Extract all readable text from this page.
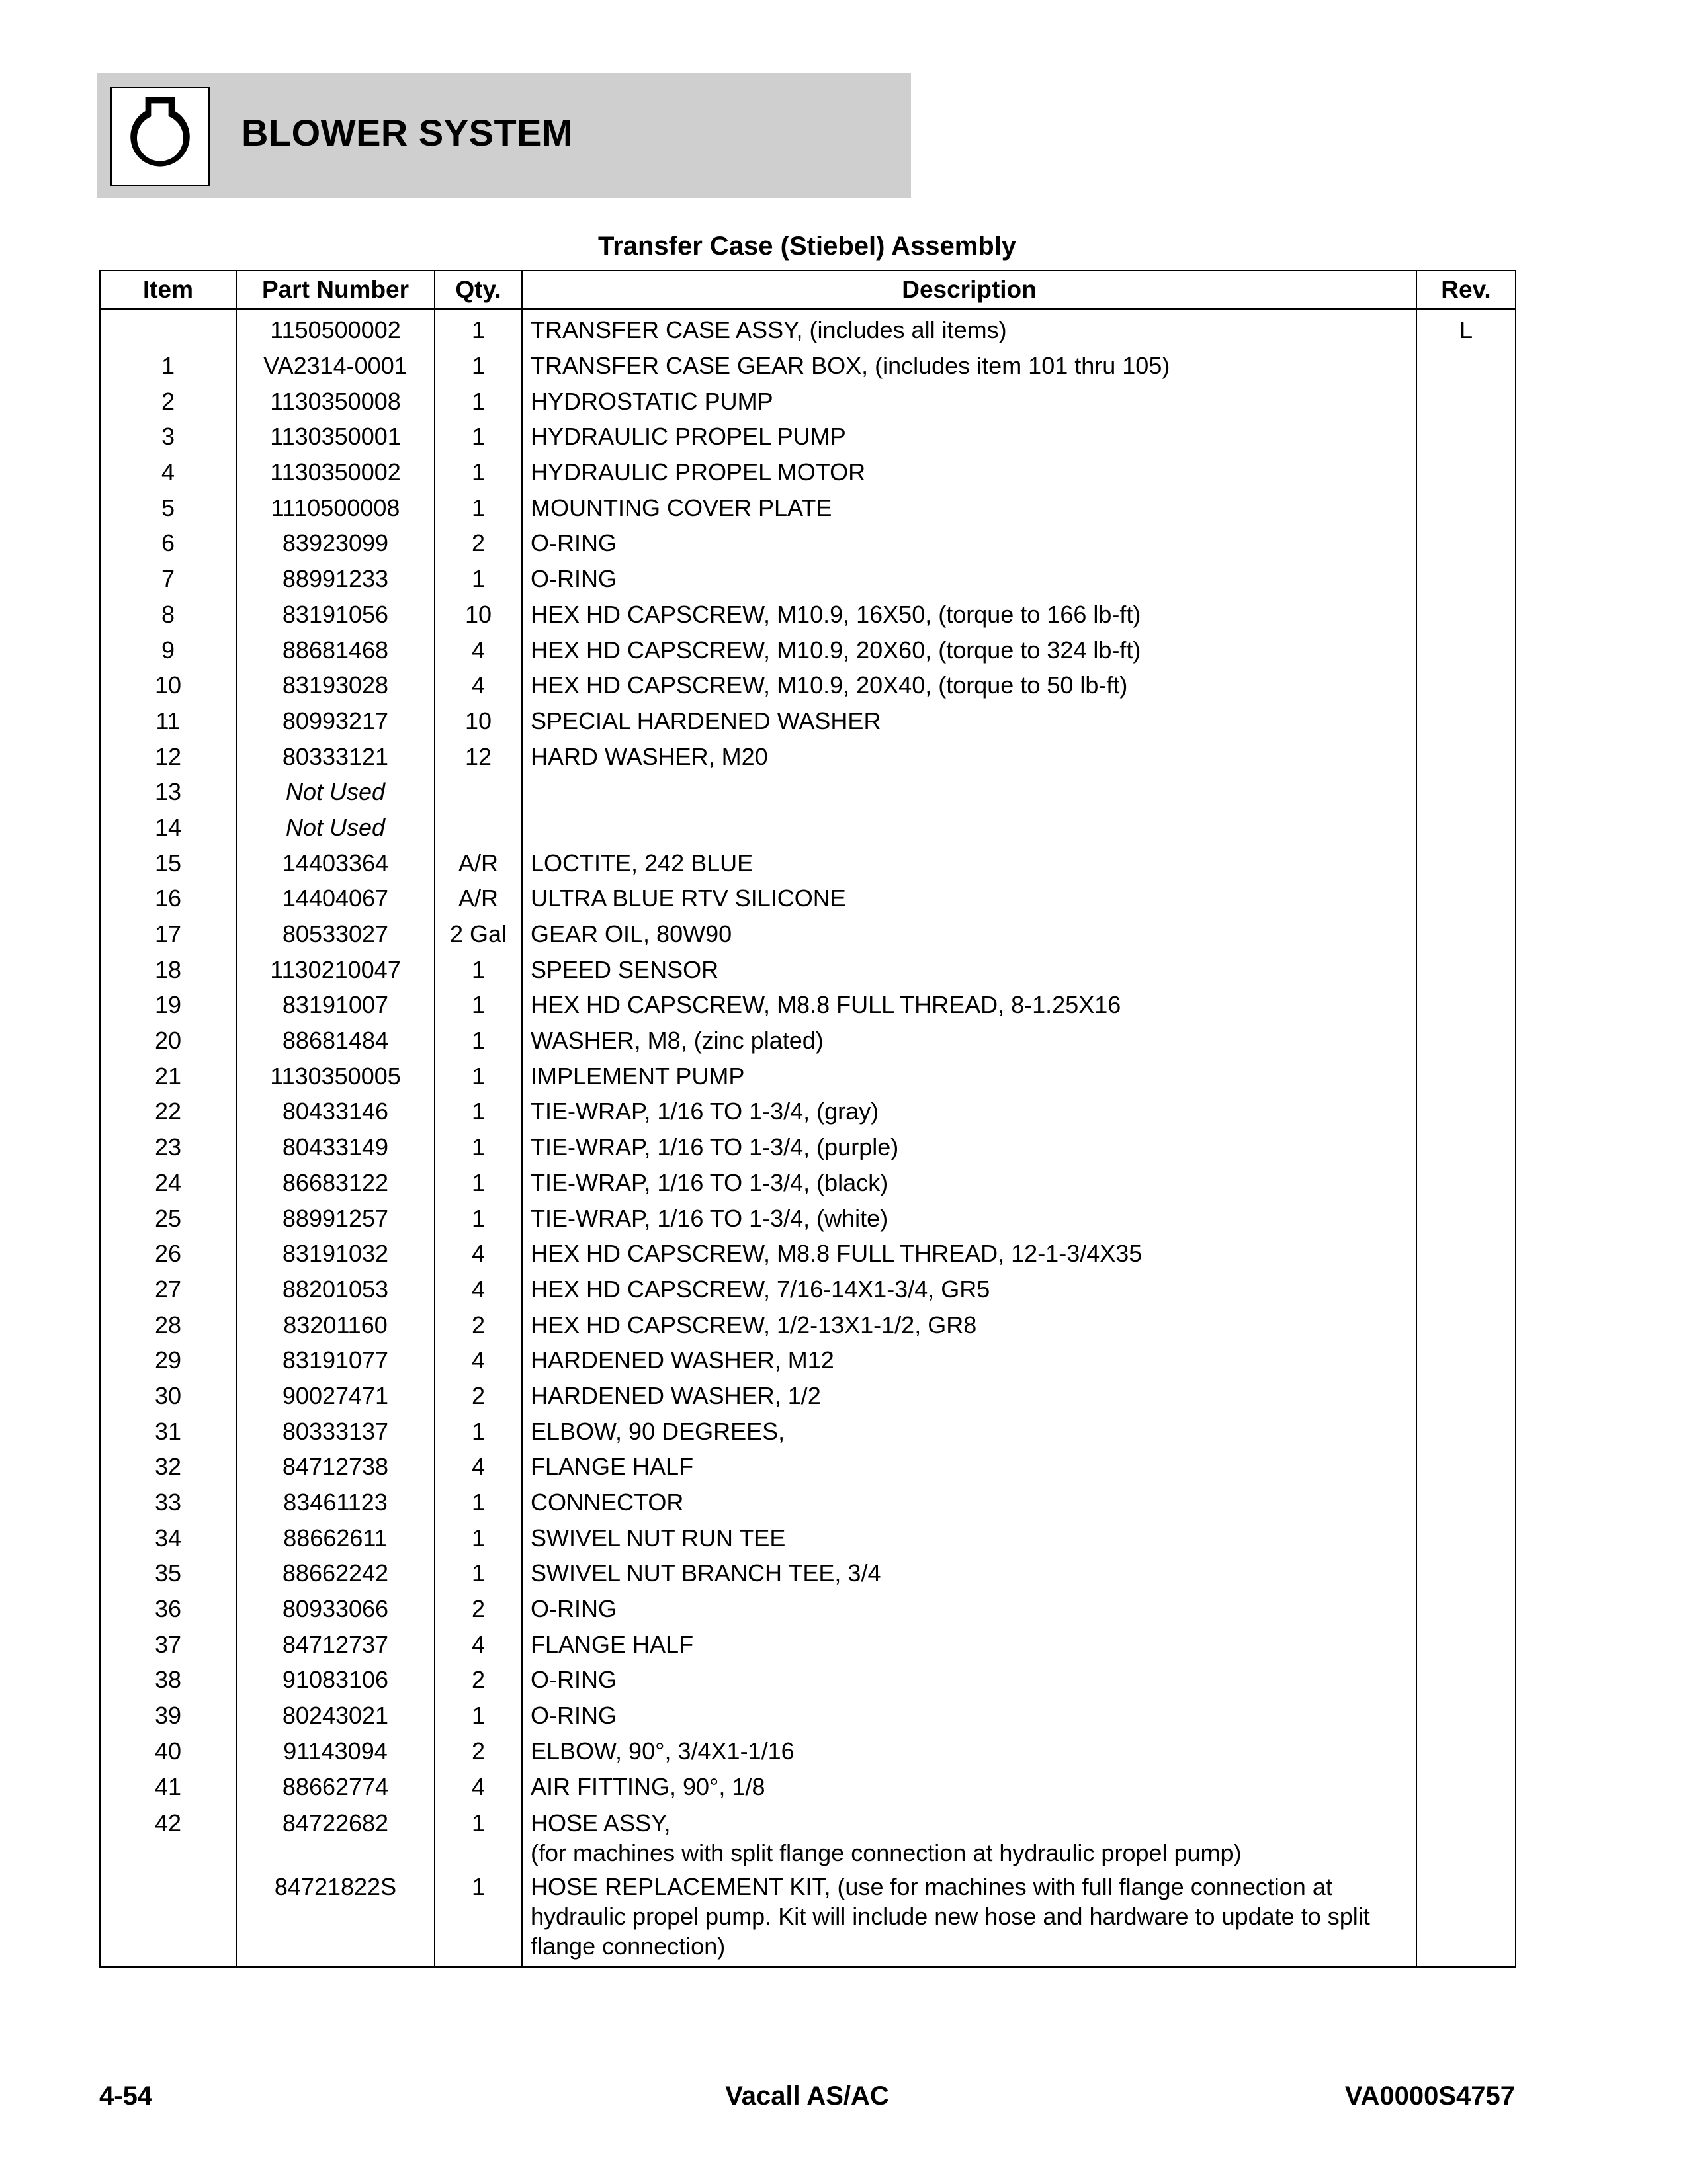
BLOWER SYSTEM
Transfer Case (Stiebel) Assembly
Item	Part Number	Qty.	Description	Rev.
	1150500002	1	TRANSFER CASE ASSY, (includes all items)	L
1	VA2314-0001	1	TRANSFER CASE GEAR BOX, (includes item 101 thru 105)	
2	1130350008	1	HYDROSTATIC PUMP	
3	1130350001	1	HYDRAULIC PROPEL PUMP	
4	1130350002	1	HYDRAULIC PROPEL MOTOR	
5	1110500008	1	MOUNTING COVER PLATE	
6	83923099	2	O-RING	
7	88991233	1	O-RING	
8	83191056	10	HEX HD CAPSCREW, M10.9, 16X50, (torque to 166 lb-ft)	
9	88681468	4	HEX HD CAPSCREW, M10.9, 20X60, (torque to 324 lb-ft)	
10	83193028	4	HEX HD CAPSCREW, M10.9, 20X40, (torque to 50 lb-ft)	
11	80993217	10	SPECIAL HARDENED WASHER	
12	80333121	12	HARD WASHER, M20	
13	Not Used			
14	Not Used			
15	14403364	A/R	LOCTITE, 242 BLUE	
16	14404067	A/R	ULTRA BLUE RTV SILICONE	
17	80533027	2 Gal	GEAR OIL, 80W90	
18	1130210047	1	SPEED SENSOR	
19	83191007	1	HEX HD CAPSCREW, M8.8 FULL THREAD, 8-1.25X16	
20	88681484	1	WASHER, M8, (zinc plated)	
21	1130350005	1	IMPLEMENT PUMP	
22	80433146	1	TIE-WRAP, 1/16 TO 1-3/4, (gray)	
23	80433149	1	TIE-WRAP, 1/16 TO 1-3/4, (purple)	
24	86683122	1	TIE-WRAP, 1/16 TO 1-3/4, (black)	
25	88991257	1	TIE-WRAP, 1/16 TO 1-3/4, (white)	
26	83191032	4	HEX HD CAPSCREW, M8.8 FULL THREAD, 12-1-3/4X35	
27	88201053	4	HEX HD CAPSCREW, 7/16-14X1-3/4, GR5	
28	83201160	2	HEX HD CAPSCREW, 1/2-13X1-1/2, GR8	
29	83191077	4	HARDENED WASHER, M12	
30	90027471	2	HARDENED WASHER, 1/2	
31	80333137	1	ELBOW, 90 DEGREES,	
32	84712738	4	FLANGE HALF	
33	83461123	1	CONNECTOR	
34	88662611	1	SWIVEL NUT RUN TEE	
35	88662242	1	SWIVEL NUT BRANCH TEE, 3/4	
36	80933066	2	O-RING	
37	84712737	4	FLANGE HALF	
38	91083106	2	O-RING	
39	80243021	1	O-RING	
40	91143094	2	ELBOW, 90°, 3/4X1-1/16	
41	88662774	4	AIR FITTING, 90°, 1/8	
42	84722682	1	HOSE ASSY,
(for machines with split flange connection at hydraulic propel pump)	
	84721822S	1	HOSE REPLACEMENT KIT, (use for machines with full flange connection at hydraulic propel pump. Kit will include new hose and hardware to update to split flange connection)	
4-54	Vacall AS/AC	VA0000S4757
